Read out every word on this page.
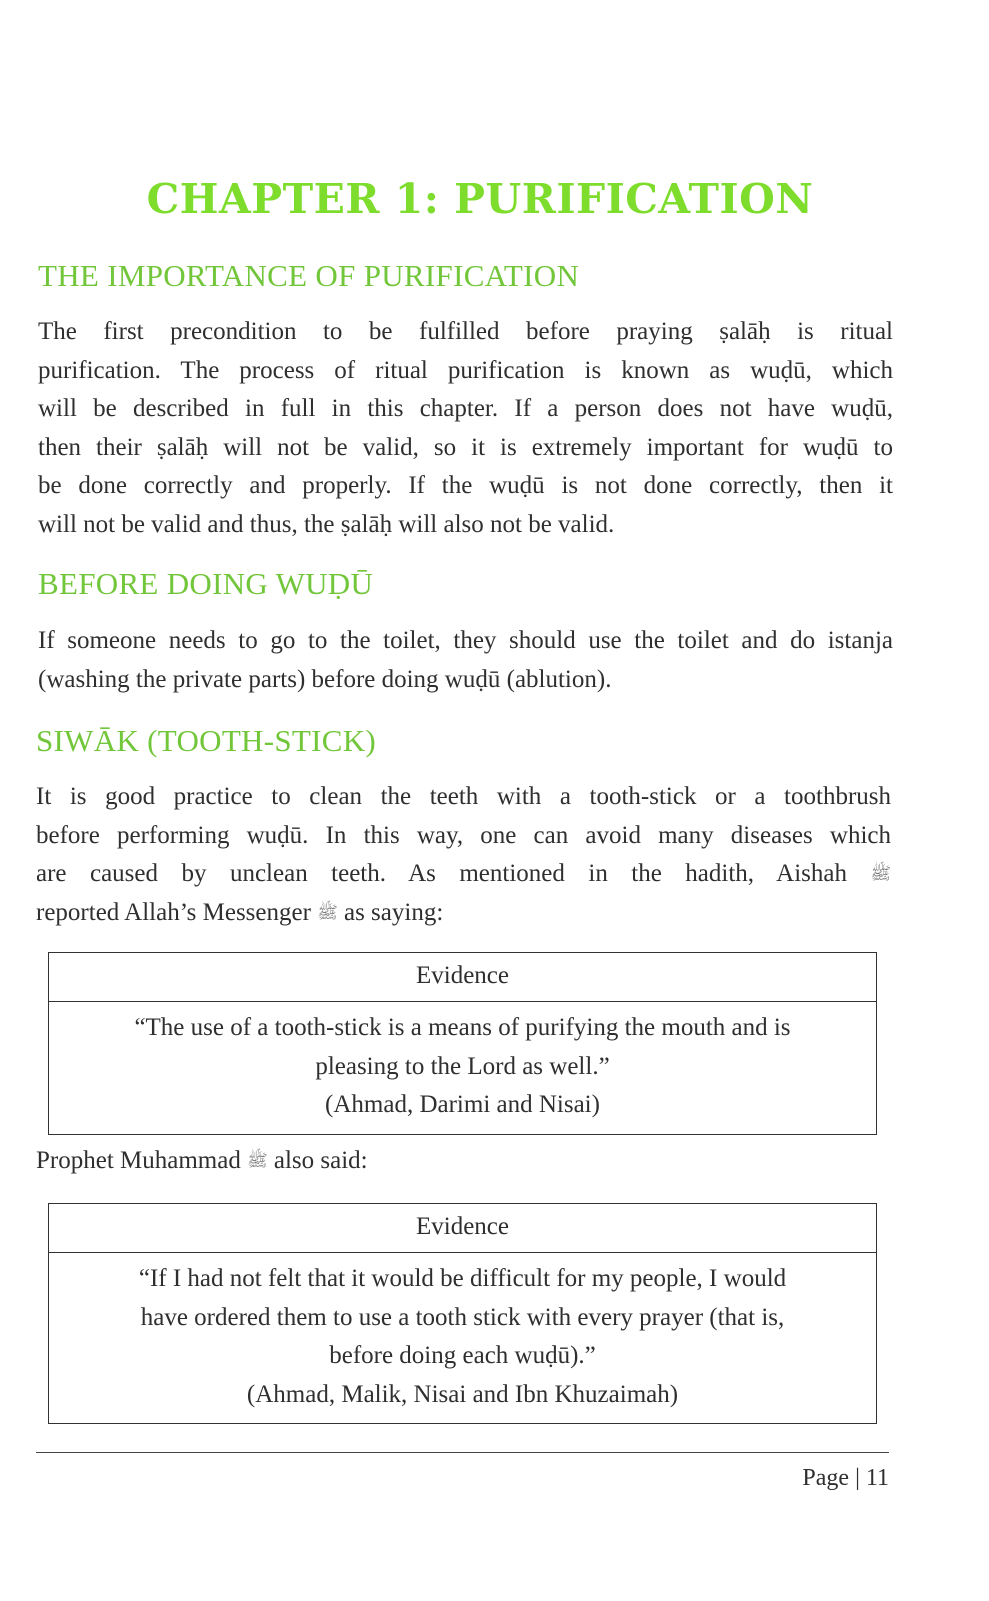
CHAPTER 1: PURIFICATION
THE IMPORTANCE OF PURIFICATION
The first precondition to be fulfilled before praying ṣalāḥ is ritual
purification. The process of ritual purification is known as wuḍū, which
will be described in full in this chapter. If a person does not have wuḍū,
then their ṣalāḥ will not be valid, so it is extremely important for wuḍū to
be done correctly and properly. If the wuḍū is not done correctly, then it
will not be valid and thus, the ṣalāḥ will also not be valid.
BEFORE DOING WUḌŪ
If someone needs to go to the toilet, they should use the toilet and do istanja
(washing the private parts) before doing wuḍū (ablution).
SIWĀK (TOOTH-STICK)
It is good practice to clean the teeth with a tooth-stick or a toothbrush
before performing wuḍū. In this way, one can avoid many diseases which
are caused by unclean teeth. As mentioned in the hadith, Aishah ﷺ
reported Allah’s Messenger ﷺ as saying:
Evidence
“The use of a tooth-stick is a means of purifying the mouth and is
pleasing to the Lord as well.”
(Ahmad, Darimi and Nisai)

Prophet Muhammad ﷺ also said:

Evidence
“If I had not felt that it would be difficult for my people, I would
have ordered them to use a tooth stick with every prayer (that is,
before doing each wuḍū).”
(Ahmad, Malik, Nisai and Ibn Khuzaimah)
Page | 11
